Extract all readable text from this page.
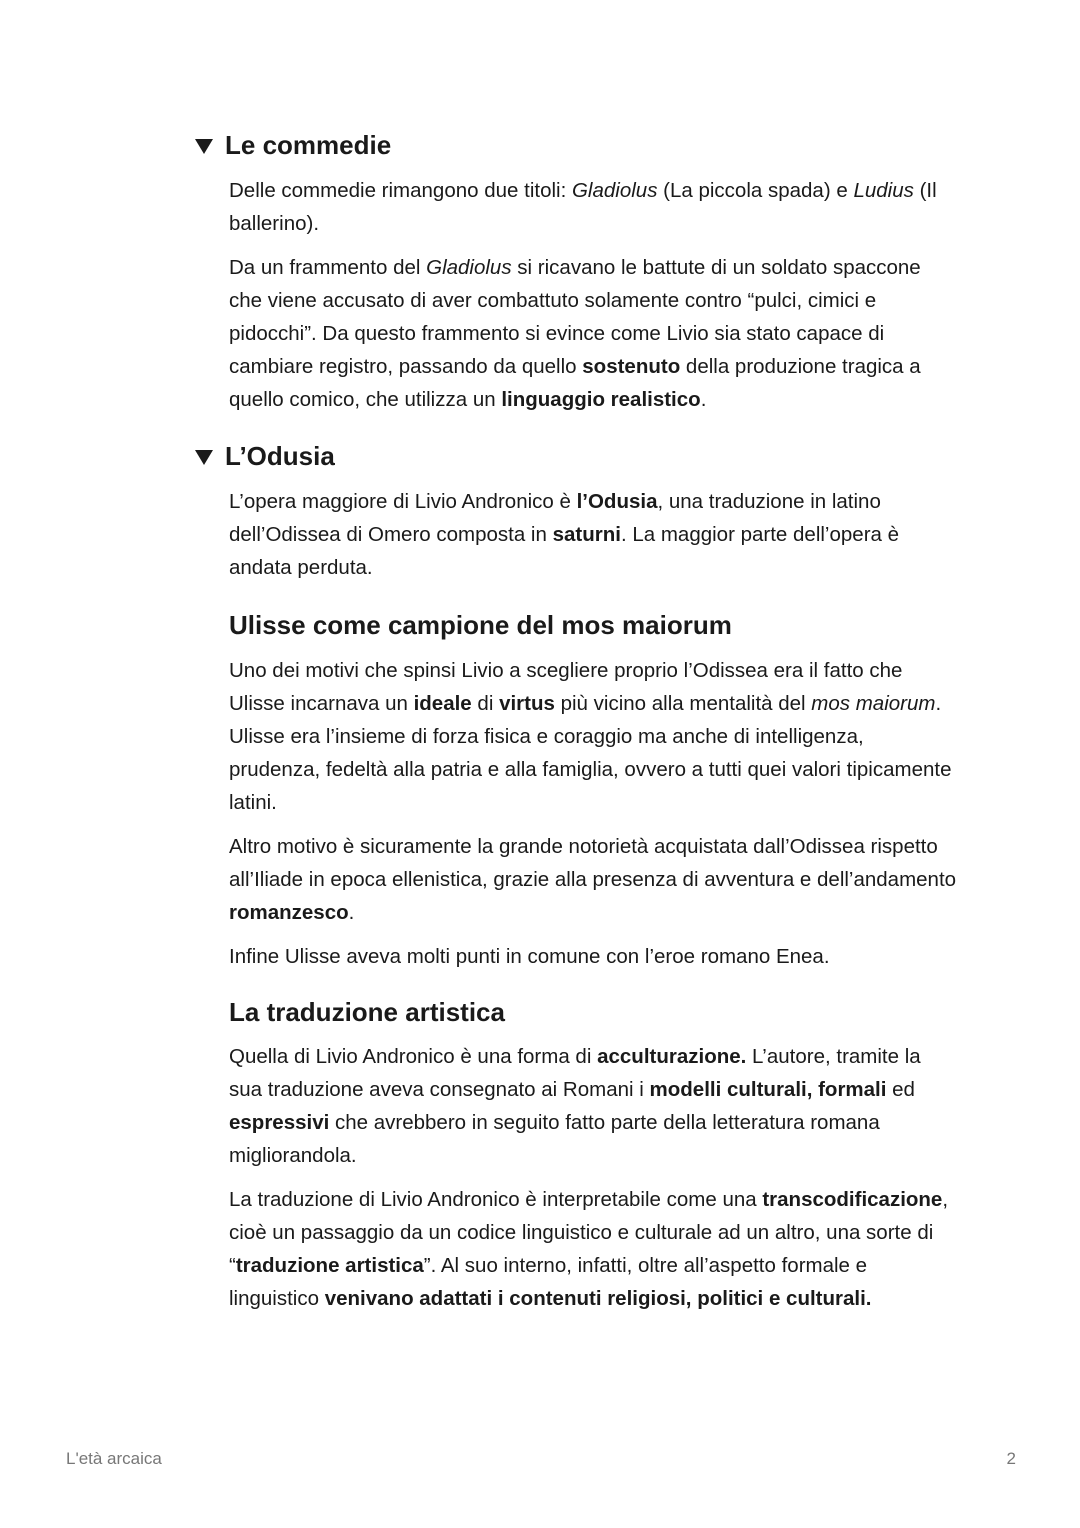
Le commedie

Delle commedie rimangono due titoli: Gladiolus (La piccola spada) e Ludius (Il ballerino).

Da un frammento del Gladiolus si ricavano le battute di un soldato spaccone che viene accusato di aver combattuto solamente contro “pulci, cimici e pidocchi”. Da questo frammento si evince come Livio sia stato capace di cambiare registro, passando da quello sostenuto della produzione tragica a quello comico, che utilizza un linguaggio realistico.

L’Odusia

L’opera maggiore di Livio Andronico è l’Odusia, una traduzione in latino dell’Odissea di Omero composta in saturni. La maggior parte dell’opera è andata perduta.

Ulisse come campione del mos maiorum

Uno dei motivi che spinsi Livio a scegliere proprio l’Odissea era il fatto che Ulisse incarnava un ideale di virtus più vicino alla mentalità del mos maiorum. Ulisse era l’insieme di forza fisica e coraggio ma anche di intelligenza, prudenza, fedeltà alla patria e alla famiglia, ovvero a tutti quei valori tipicamente latini.

Altro motivo è sicuramente la grande notorietà acquistata dall’Odissea rispetto all’Iliade in epoca ellenistica, grazie alla presenza di avventura e dell’andamento romanzesco.

Infine Ulisse aveva molti punti in comune con l’eroe romano Enea.

La traduzione artistica

Quella di Livio Andronico è una forma di acculturazione. L’autore, tramite la sua traduzione aveva consegnato ai Romani i modelli culturali, formali ed espressivi che avrebbero in seguito fatto parte della letteratura romana migliorandola.

La traduzione di Livio Andronico è interpretabile come una transcodificazione, cioè un passaggio da un codice linguistico e culturale ad un altro, una sorte di “traduzione artistica”. Al suo interno, infatti, oltre all’aspetto formale e linguistico venivano adattati i contenuti religiosi, politici e culturali.

L'età arcaica	2
